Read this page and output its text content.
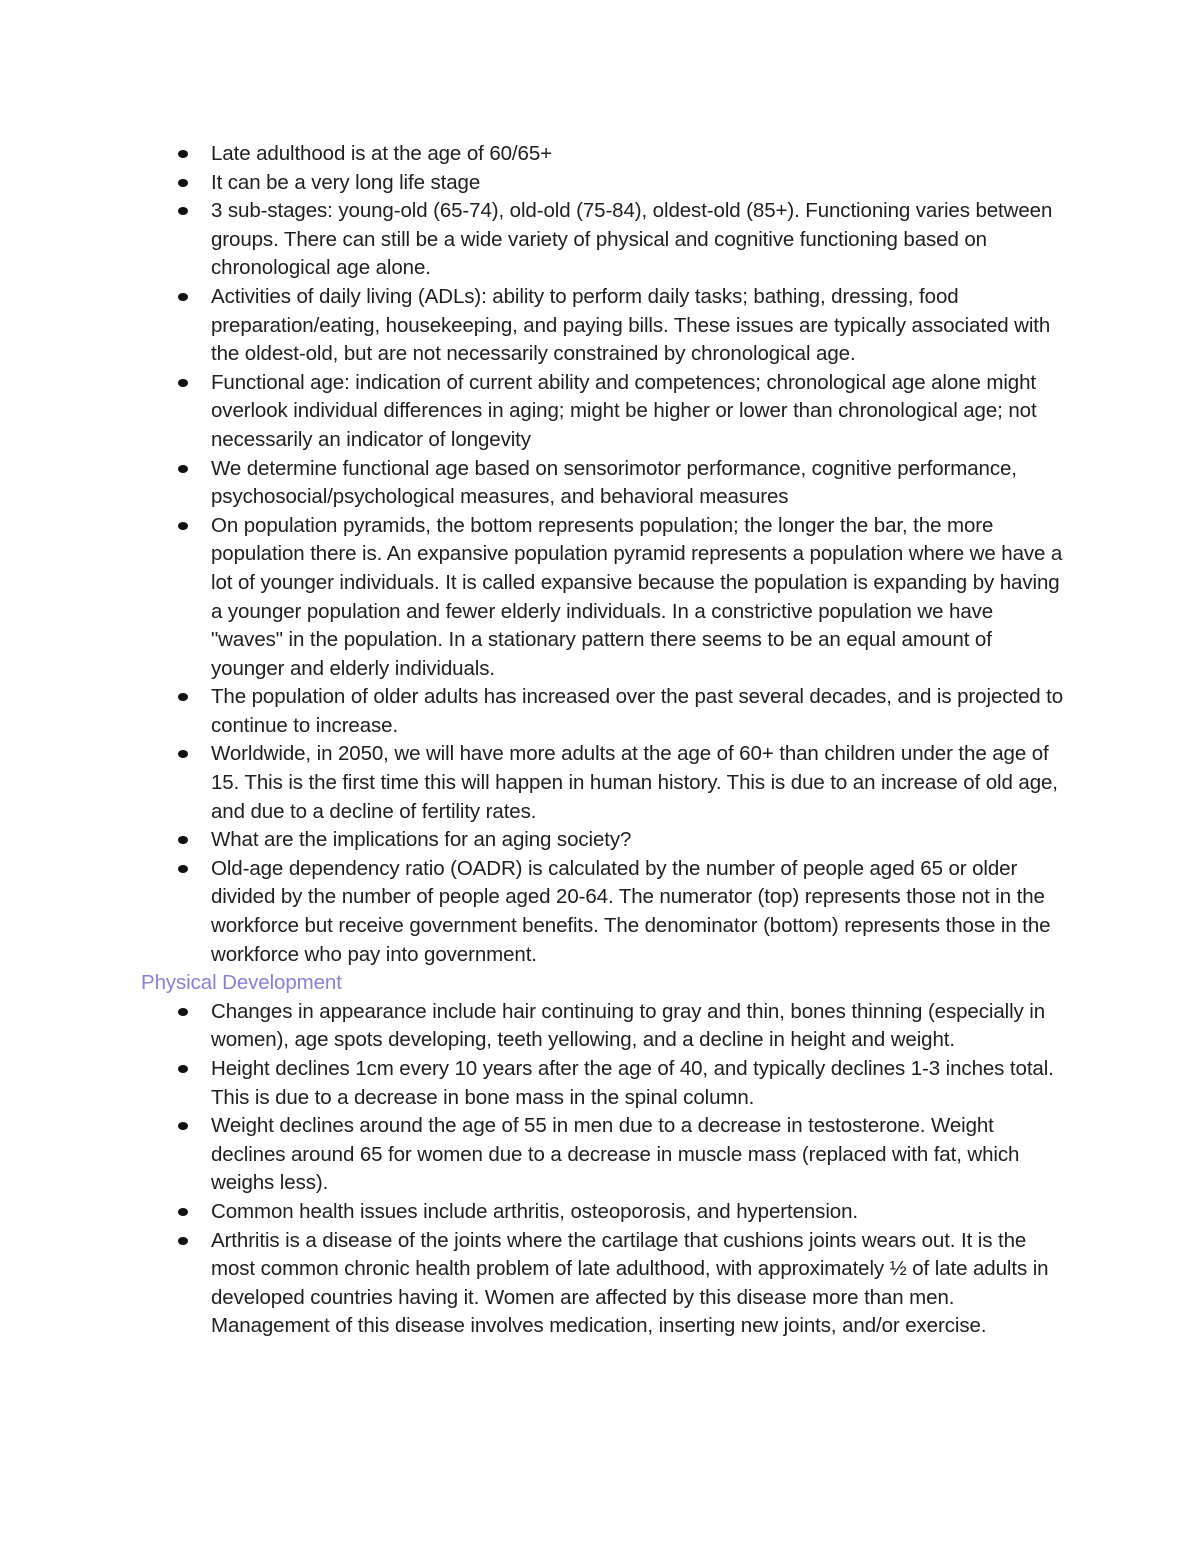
Late adulthood is at the age of 60/65+
It can be a very long life stage
3 sub-stages: young-old (65-74), old-old (75-84), oldest-old (85+). Functioning varies between groups. There can still be a wide variety of physical and cognitive functioning based on chronological age alone.
Activities of daily living (ADLs): ability to perform daily tasks; bathing, dressing, food preparation/eating, housekeeping, and paying bills. These issues are typically associated with the oldest-old, but are not necessarily constrained by chronological age.
Functional age: indication of current ability and competences; chronological age alone might overlook individual differences in aging; might be higher or lower than chronological age; not necessarily an indicator of longevity
We determine functional age based on sensorimotor performance, cognitive performance, psychosocial/psychological measures, and behavioral measures
On population pyramids, the bottom represents population; the longer the bar, the more population there is. An expansive population pyramid represents a population where we have a lot of younger individuals. It is called expansive because the population is expanding by having a younger population and fewer elderly individuals. In a constrictive population we have "waves" in the population. In a stationary pattern there seems to be an equal amount of younger and elderly individuals.
The population of older adults has increased over the past several decades, and is projected to continue to increase.
Worldwide, in 2050, we will have more adults at the age of 60+ than children under the age of 15. This is the first time this will happen in human history. This is due to an increase of old age, and due to a decline of fertility rates.
What are the implications for an aging society?
Old-age dependency ratio (OADR) is calculated by the number of people aged 65 or older divided by the number of people aged 20-64. The numerator (top) represents those not in the workforce but receive government benefits. The denominator (bottom) represents those in the workforce who pay into government.
Physical Development
Changes in appearance include hair continuing to gray and thin, bones thinning (especially in women), age spots developing, teeth yellowing, and a decline in height and weight.
Height declines 1cm every 10 years after the age of 40, and typically declines 1-3 inches total. This is due to a decrease in bone mass in the spinal column.
Weight declines around the age of 55 in men due to a decrease in testosterone. Weight declines around 65 for women due to a decrease in muscle mass (replaced with fat, which weighs less).
Common health issues include arthritis, osteoporosis, and hypertension.
Arthritis is a disease of the joints where the cartilage that cushions joints wears out. It is the most common chronic health problem of late adulthood, with approximately ½ of late adults in developed countries having it. Women are affected by this disease more than men. Management of this disease involves medication, inserting new joints, and/or exercise.
